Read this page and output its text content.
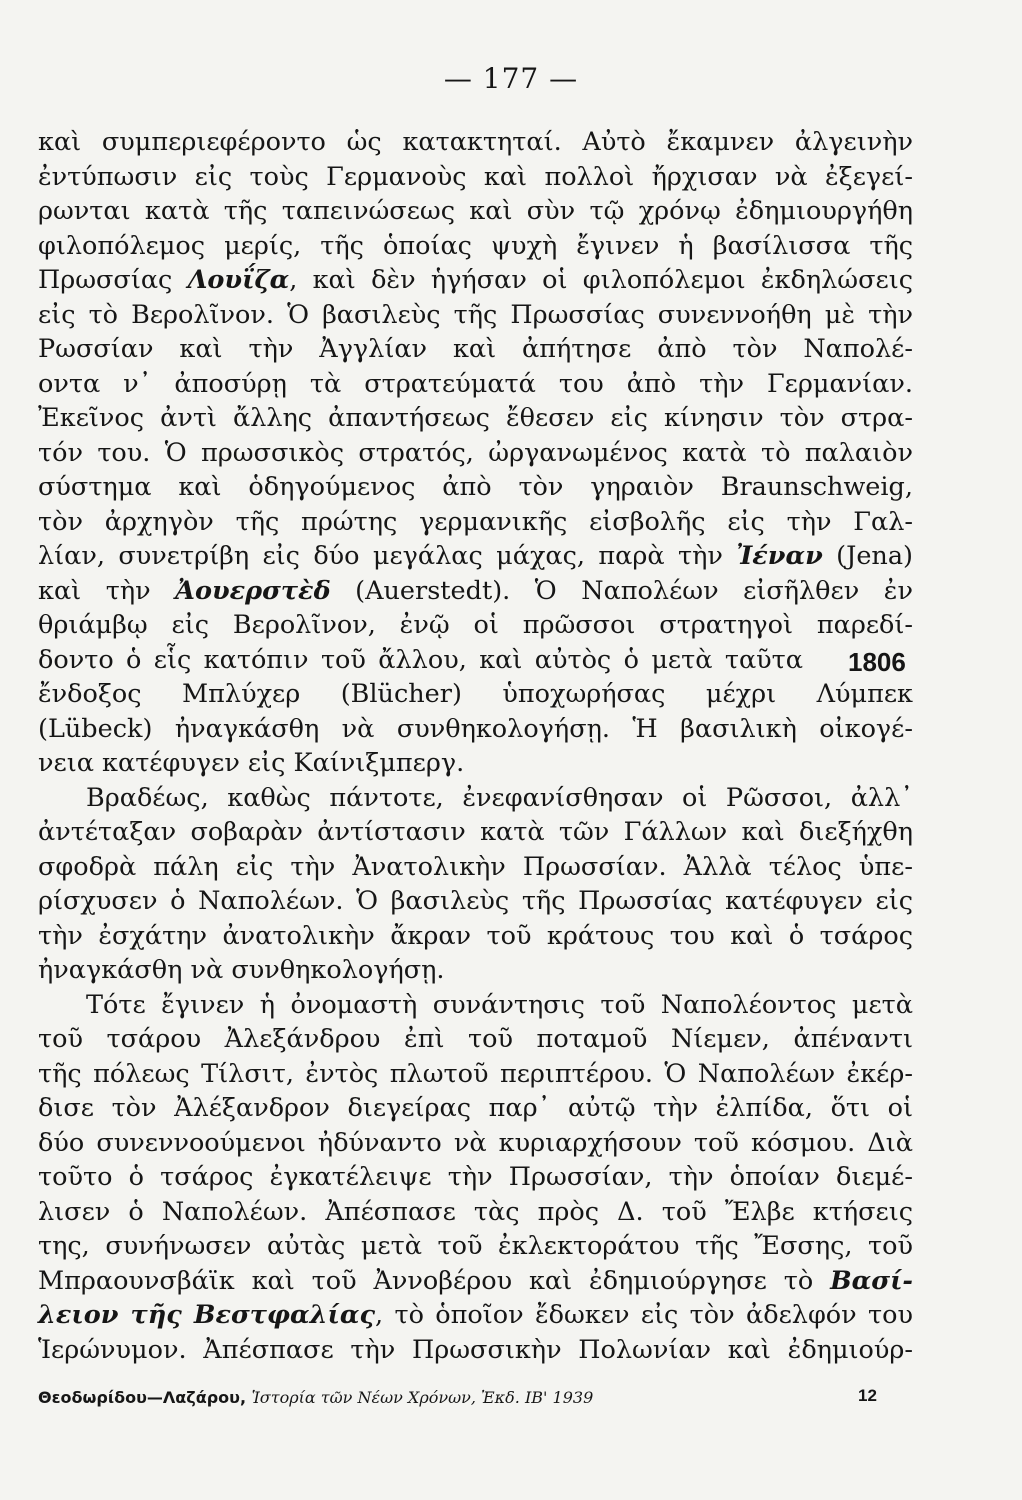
— 177 —
καὶ συμπεριεφέροντο ὡς κατακτηταί. Αὐτὸ ἔκαμνεν ἀλγεινὴν
ἐντύπωσιν εἰς τοὺς Γερμανοὺς καὶ πολλοὶ ἤρχισαν νὰ ἐξεγεί-
ρωνται κατὰ τῆς ταπεινώσεως καὶ σὺν τῷ χρόνῳ ἐδημιουργήθη
φιλοπόλεμος μερίς, τῆς ὁποίας ψυχὴ ἔγινεν ἡ βασίλισσα τῆς
Πρωσσίας Λουΐζα, καὶ δὲν ἡγήσαν οἱ φιλοπόλεμοι ἐκδηλώσεις
εἰς τὸ Βερολῖνον. Ὁ βασιλεὺς τῆς Πρωσσίας συνεννοήθη μὲ τὴν
Ρωσσίαν καὶ τὴν Ἀγγλίαν καὶ ἀπήτησε ἀπὸ τὸν Ναπολέ-
οντα ν᾽ ἀποσύρῃ τὰ στρατεύματά του ἀπὸ τὴν Γερμανίαν.
Ἐκεῖνος ἀντὶ ἄλλης ἀπαντήσεως ἔθεσεν εἰς κίνησιν τὸν στρα-
τόν του. Ὁ πρωσσικὸς στρατός, ὠργανωμένος κατὰ τὸ παλαιὸν
σύστημα καὶ ὁδηγούμενος ἀπὸ τὸν γηραιὸν Braunschweig,
τὸν ἀρχηγὸν τῆς πρώτης γερμανικῆς εἰσβολῆς εἰς τὴν Γαλ-
λίαν, συνετρίβη εἰς δύο μεγάλας μάχας, παρὰ τὴν Ἰέναν (Jena)
καὶ τὴν Ἀουερστὲδ (Auerstedt). Ὁ Ναπολέων εἰσῆλθεν ἐν
θριάμβῳ εἰς Βερολῖνον, ἐνῷ οἱ πρῶσσοι στρατηγοὶ παρεδί-
δοντο ὁ εἷς κατόπιν τοῦ ἄλλου, καὶ αὐτὸς ὁ μετὰ ταῦτα
ἔνδοξος Μπλύχερ (Blücher) ὑποχωρήσας μέχρι Λύμπεκ
(Lübeck) ἠναγκάσθη νὰ συνθηκολογήσῃ. Ἡ βασιλικὴ οἰκογέ-
νεια κατέφυγεν εἰς Καίνιξμπεργ.
Βραδέως, καθὼς πάντοτε, ἐνεφανίσθησαν οἱ Ρῶσσοι, ἀλλ᾽
ἀντέταξαν σοβαρὰν ἀντίστασιν κατὰ τῶν Γάλλων καὶ διεξήχθη
σφοδρὰ πάλη εἰς τὴν Ἀνατολικὴν Πρωσσίαν. Ἀλλὰ τέλος ὑπε-
ρίσχυσεν ὁ Ναπολέων. Ὁ βασιλεὺς τῆς Πρωσσίας κατέφυγεν εἰς
τὴν ἐσχάτην ἀνατολικὴν ἄκραν τοῦ κράτους του καὶ ὁ τσάρος
ἠναγκάσθη νὰ συνθηκολογήσῃ.
Τότε ἔγινεν ἡ ὀνομαστὴ συνάντησις τοῦ Ναπολέοντος μετὰ
τοῦ τσάρου Ἀλεξάνδρου ἐπὶ τοῦ ποταμοῦ Νίεμεν, ἀπέναντι
τῆς πόλεως Τίλσιτ, ἐντὸς πλωτοῦ περιπτέρου. Ὁ Ναπολέων ἐκέρ-
δισε τὸν Ἀλέξανδρον διεγείρας παρ᾽ αὐτῷ τὴν ἐλπίδα, ὅτι οἱ
δύο συνεννοούμενοι ἠδύναντο νὰ κυριαρχήσουν τοῦ κόσμου. Διὰ
τοῦτο ὁ τσάρος ἐγκατέλειψε τὴν Πρωσσίαν, τὴν ὁποίαν διεμέ-
λισεν ὁ Ναπολέων. Ἀπέσπασε τὰς πρὸς Δ. τοῦ Ἔλβε κτήσεις
της, συνήνωσεν αὐτὰς μετὰ τοῦ ἐκλεκτοράτου τῆς Ἔσσης, τοῦ
Μπραουνσβάϊκ καὶ τοῦ Ἀννοβέρου καὶ ἐδημιούργησε τὸ Βασί-
λειον τῆς Βεστφαλίας, τὸ ὁποῖον ἔδωκεν εἰς τὸν ἀδελφόν του
Ἱερώνυμον. Ἀπέσπασε τὴν Πρωσσικὴν Πολωνίαν καὶ ἐδημιούρ-
1806
Θεοδωρίδου—Λαζάρου, Ἱστορία τῶν Νέων Χρόνων, Ἐκδ. ΙΒ' 1939	12
